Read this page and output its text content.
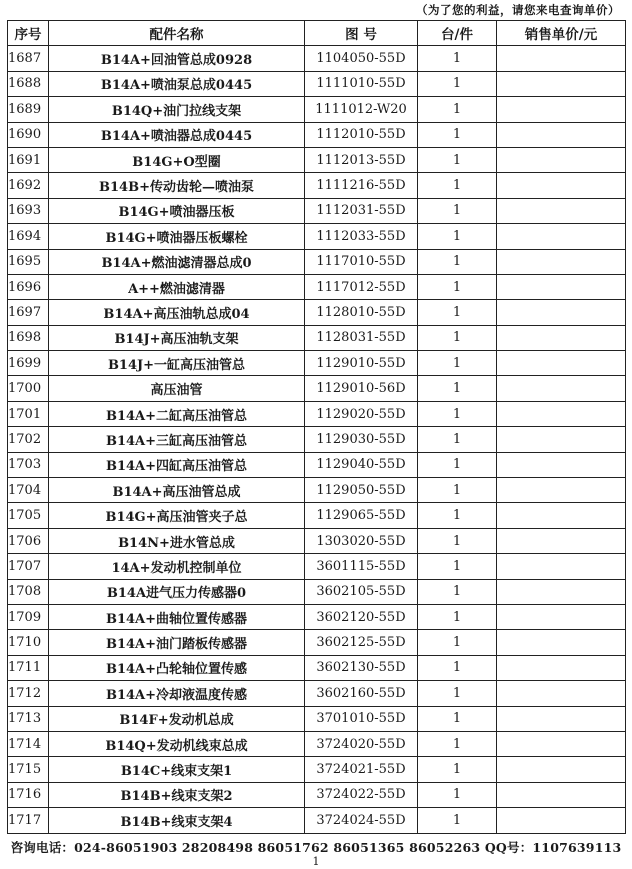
（为了您的利益，请您来电查询单价）
序号	配件名称	图 号	台/件	销售单价/元
1687	B14A+回油管总成0928	1104050-55D	1	
1688	B14A+喷油泵总成0445	1111010-55D	1	
1689	B14Q+油门拉线支架	1111012-W20	1	
1690	B14A+喷油器总成0445	1112010-55D	1	
1691	B14G+O型圈	1112013-55D	1	
1692	B14B+传动齿轮—喷油泵	1111216-55D	1	
1693	B14G+喷油器压板	1112031-55D	1	
1694	B14G+喷油器压板螺栓	1112033-55D	1	
1695	B14A+燃油滤清器总成0	1117010-55D	1	
1696	A++燃油滤清器	1117012-55D	1	
1697	B14A+高压油轨总成04	1128010-55D	1	
1698	B14J+高压油轨支架	1128031-55D	1	
1699	B14J+一缸高压油管总	1129010-55D	1	
1700	高压油管	1129010-56D	1	
1701	B14A+二缸高压油管总	1129020-55D	1	
1702	B14A+三缸高压油管总	1129030-55D	1	
1703	B14A+四缸高压油管总	1129040-55D	1	
1704	B14A+高压油管总成	1129050-55D	1	
1705	B14G+高压油管夹子总	1129065-55D	1	
1706	B14N+进水管总成	1303020-55D	1	
1707	14A+发动机控制单位	3601115-55D	1	
1708	B14A进气压力传感器0	3602105-55D	1	
1709	B14A+曲轴位置传感器	3602120-55D	1	
1710	B14A+油门踏板传感器	3602125-55D	1	
1711	B14A+凸轮轴位置传感	3602130-55D	1	
1712	B14A+冷却液温度传感	3602160-55D	1	
1713	B14F+发动机总成	3701010-55D	1	
1714	B14Q+发动机线束总成	3724020-55D	1	
1715	B14C+线束支架1	3724021-55D	1	
1716	B14B+线束支架2	3724022-55D	1	
1717	B14B+线束支架4	3724024-55D	1	
咨询电话：024-86051903 28208498 86051762 86051365 86052263 QQ号：1107639113
1
